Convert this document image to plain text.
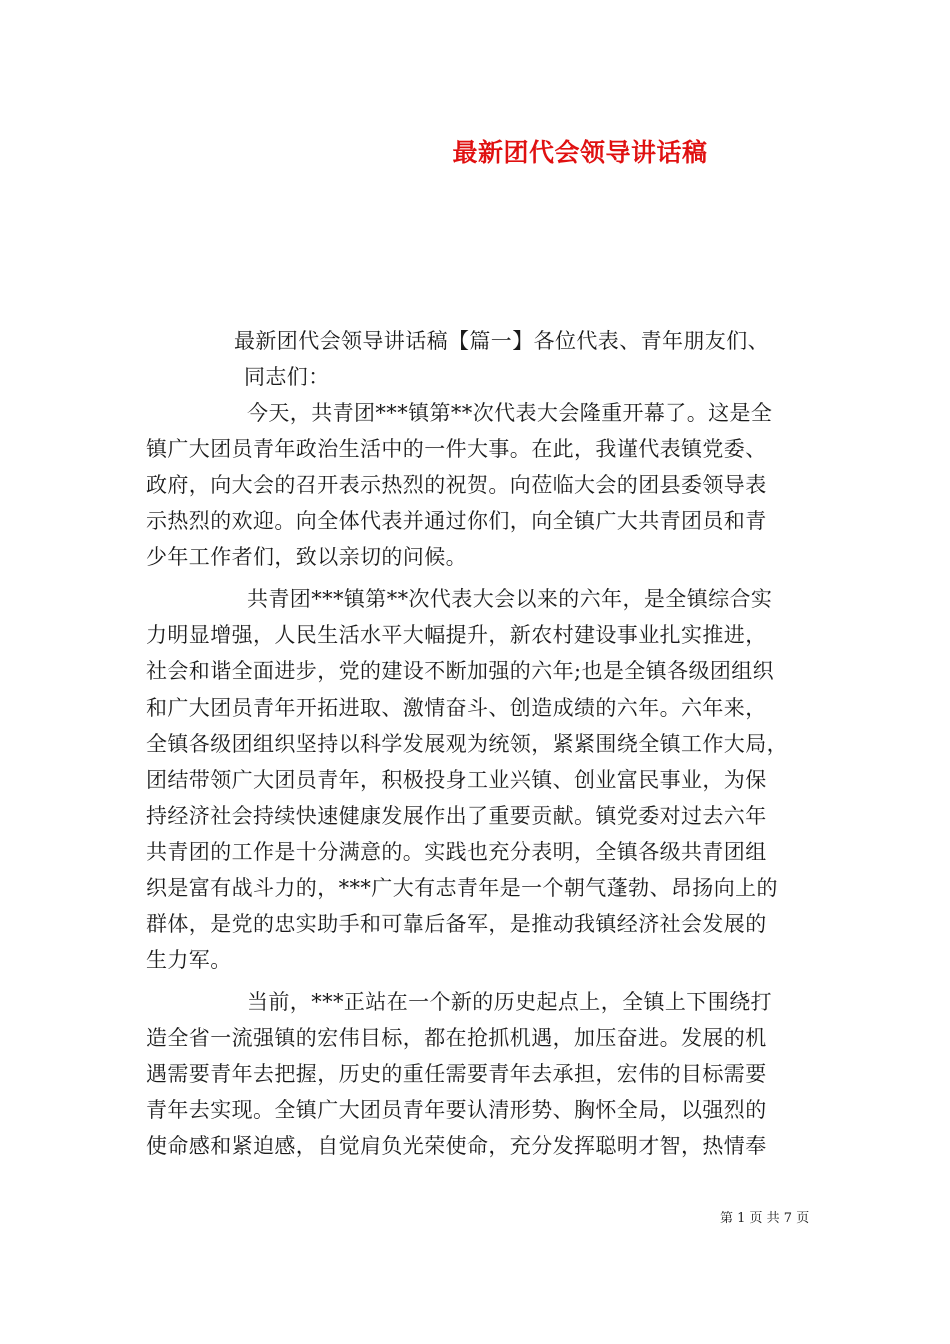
最新团代会领导讲话稿
最新团代会领导讲话稿【篇一】各位代表、青年朋友们、
同志们：
今天，共青团***镇第**次代表大会隆重开幕了。这是全
镇广大团员青年政治生活中的一件大事。在此，我谨代表镇党委、
政府，向大会的召开表示热烈的祝贺。向莅临大会的团县委领导表
示热烈的欢迎。向全体代表并通过你们，向全镇广大共青团员和青
少年工作者们，致以亲切的问候。
共青团***镇第**次代表大会以来的六年，是全镇综合实
力明显增强，人民生活水平大幅提升，新农村建设事业扎实推进，
社会和谐全面进步，党的建设不断加强的六年;也是全镇各级团组织
和广大团员青年开拓进取、激情奋斗、创造成绩的六年。六年来，
全镇各级团组织坚持以科学发展观为统领，紧紧围绕全镇工作大局，
团结带领广大团员青年，积极投身工业兴镇、创业富民事业，为保
持经济社会持续快速健康发展作出了重要贡献。镇党委对过去六年
共青团的工作是十分满意的。实践也充分表明，全镇各级共青团组
织是富有战斗力的，***广大有志青年是一个朝气蓬勃、昂扬向上的
群体，是党的忠实助手和可靠后备军，是推动我镇经济社会发展的
生力军。
当前，***正站在一个新的历史起点上，全镇上下围绕打
造全省一流强镇的宏伟目标，都在抢抓机遇，加压奋进。发展的机
遇需要青年去把握，历史的重任需要青年去承担，宏伟的目标需要
青年去实现。全镇广大团员青年要认清形势、胸怀全局，以强烈的
使命感和紧迫感，自觉肩负光荣使命，充分发挥聪明才智，热情奉
第 1 页 共 7 页
